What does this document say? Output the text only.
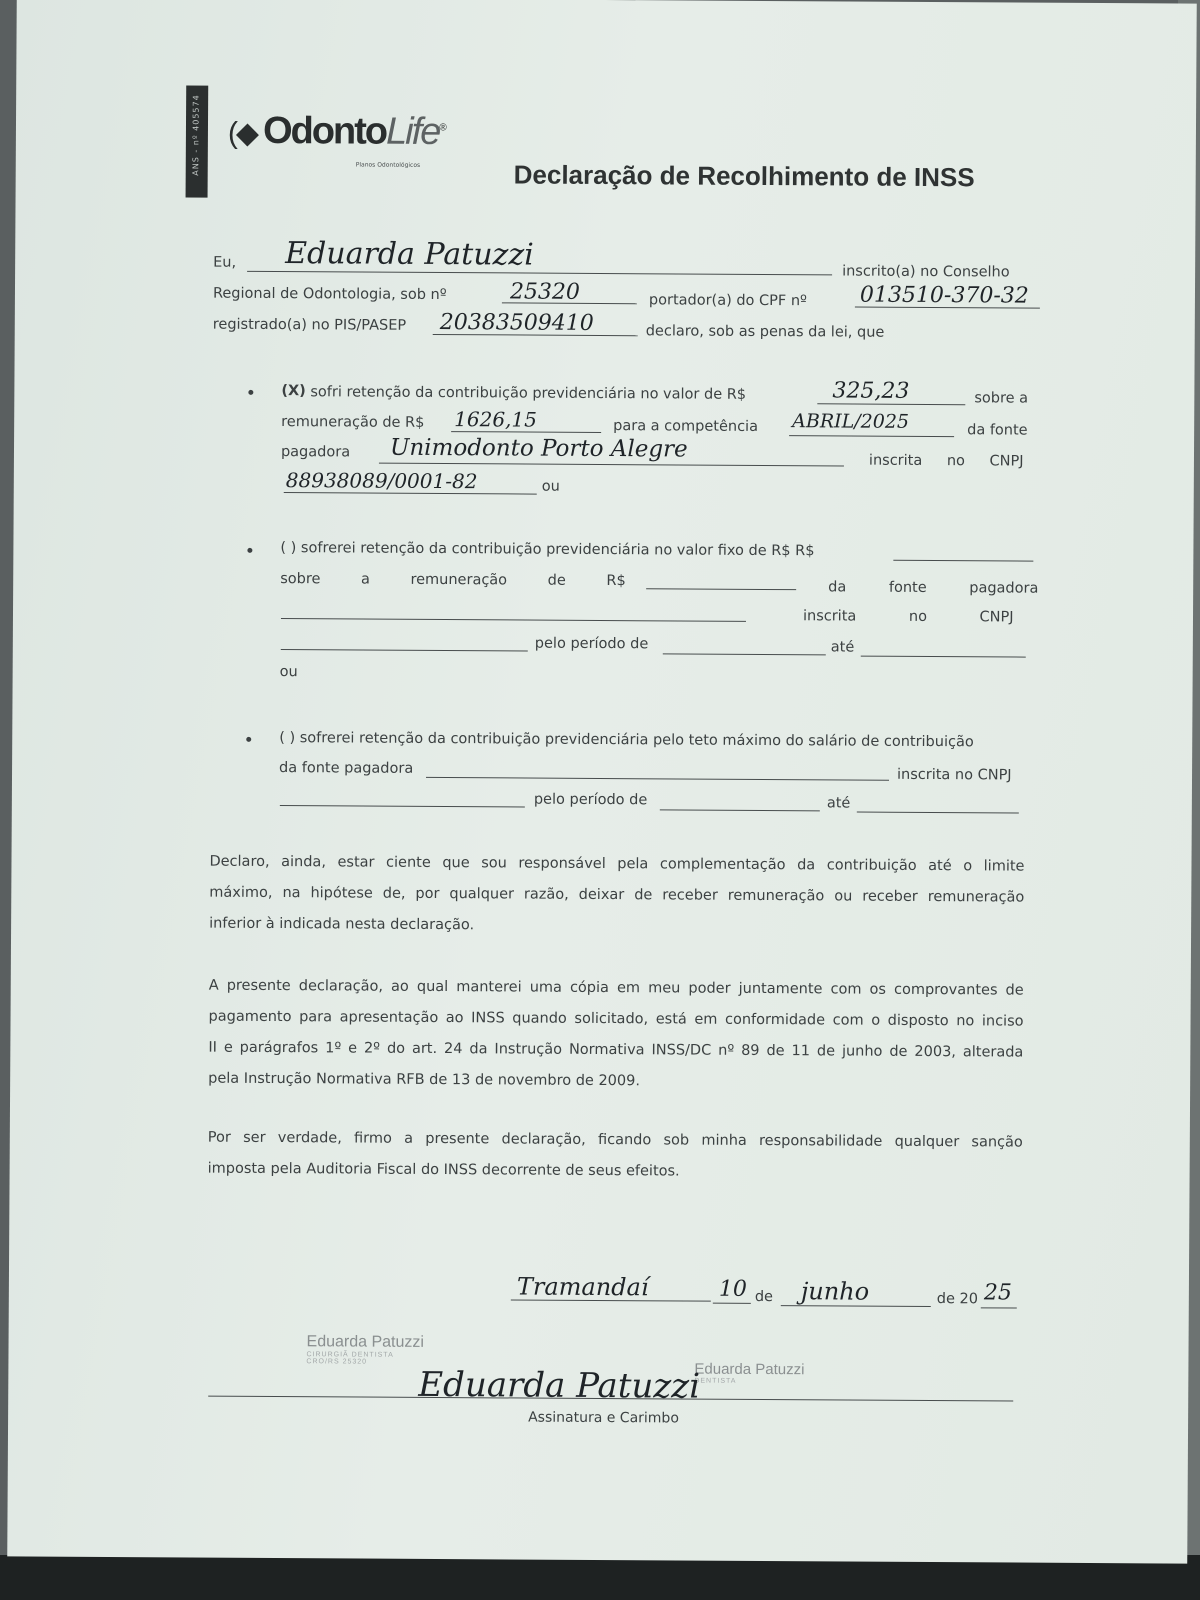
ANS - nº 405574 (◆ OdontoLife®
Planos Odontológicos	Declaração de Recolhimento de INSS
Eu, Eduarda Patuzzi	inscrito(a) no Conselho
Regional de Odontologia, sob nº	25320	portador(a) do CPF nº 013510-370-32
registrado(a) no PIS/PASEP 20383509410	declaro, sob as penas da lei, que
(X) sofri retenção da contribuição previdenciária no valor de R$	325,23	sobre a
remuneração de R$ 1626,15	para a competência ABRIL/2025	da fonte
pagadora Unimodonto Porto Alegre	inscrita no CNPJ
88938089/0001-82	ou
( ) sofrerei retenção da contribuição previdenciária no valor fixo de R$ R$
sobre a remuneração de R$	da fonte pagadora
inscrita no CNPJ
pelo período de	até
ou
( ) sofrerei retenção da contribuição previdenciária pelo teto máximo do salário de contribuição
da fonte pagadora	inscrita no CNPJ
pelo período de	até
Declaro, ainda, estar ciente que sou responsável pela complementação da contribuição até o limite
máximo, na hipótese de, por qualquer razão, deixar de receber remuneração ou receber remuneração
inferior à indicada nesta declaração.
A presente declaração, ao qual manterei uma cópia em meu poder juntamente com os comprovantes de
pagamento para apresentação ao INSS quando solicitado, está em conformidade com o disposto no inciso
II e parágrafos 1º e 2º do art. 24 da Instrução Normativa INSS/DC nº 89 de 11 de junho de 2003, alterada
pela Instrução Normativa RFB de 13 de novembro de 2009.
Por ser verdade, firmo a presente declaração, ficando sob minha responsabilidade qualquer sanção
imposta pela Auditoria Fiscal do INSS decorrente de seus efeitos.
Tramandaí	10 de junho	de 20 25
Eduarda Patuzzi
CIRURGIÃ DENTISTA
CRO/RS 25320	Eduarda Patuzzi
DENTISTA
Eduarda Patuzzi
Assinatura e Carimbo
